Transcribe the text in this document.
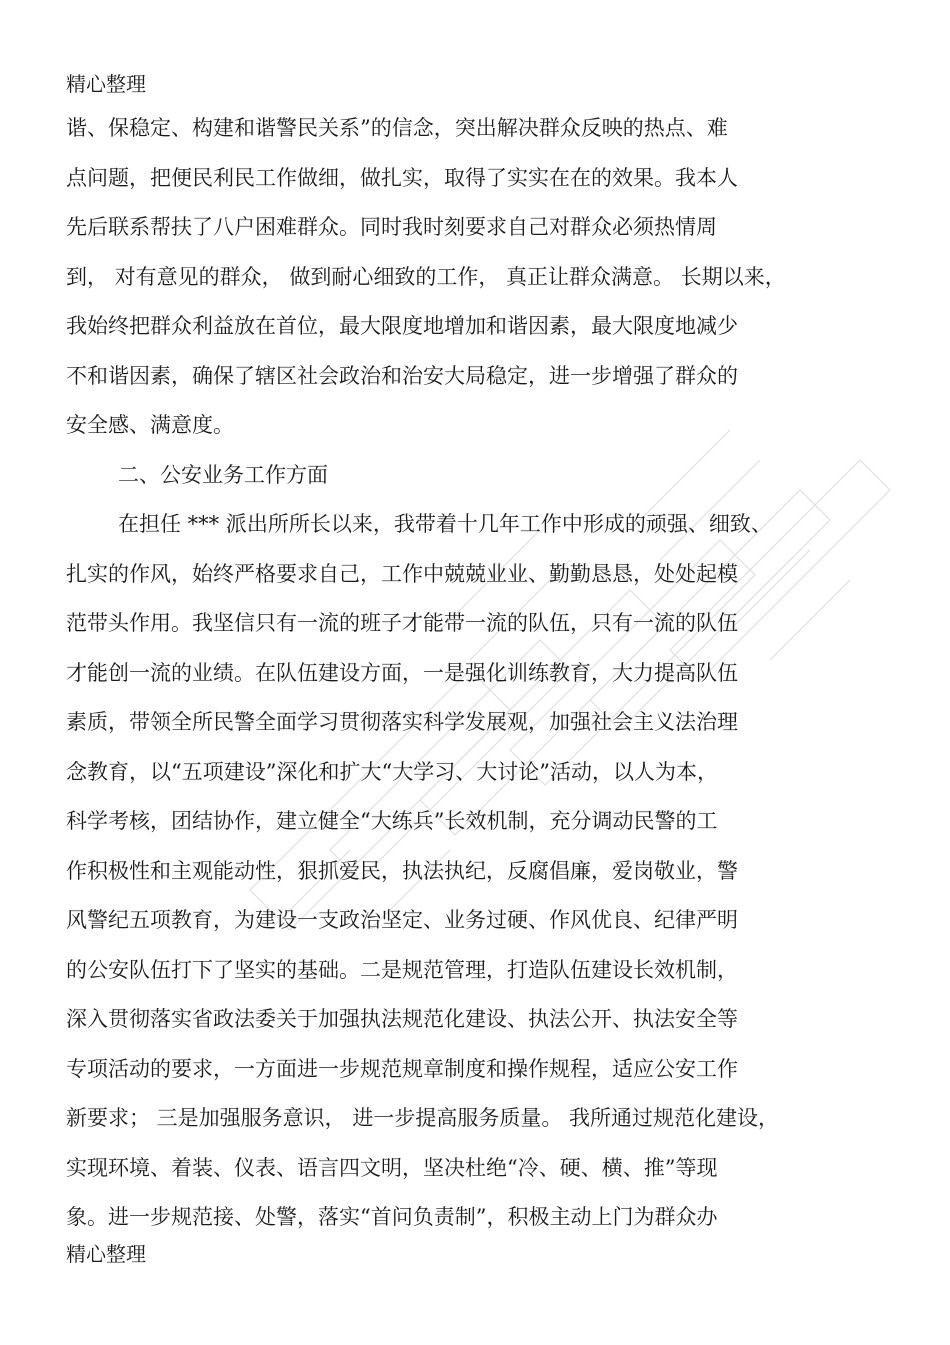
精心整理
谐、保稳定、构建和谐警民关系”的信念，突出解决群众反映的热点、难
点问题，把便民利民工作做细，做扎实，取得了实实在在的效果。我本人
先后联系帮扶了八户困难群众。同时我时刻要求自己对群众必须热情周
到， 对有意见的群众， 做到耐心细致的工作， 真正让群众满意。 长期以来，
我始终把群众利益放在首位，最大限度地增加和谐因素，最大限度地减少
不和谐因素，确保了辖区社会政治和治安大局稳定，进一步增强了群众的
安全感、满意度。
二、公安业务工作方面
在担任 *** 派出所所长以来，我带着十几年工作中形成的顽强、细致、
扎实的作风，始终严格要求自己，工作中兢兢业业、勤勤恳恳，处处起模
范带头作用。我坚信只有一流的班子才能带一流的队伍，只有一流的队伍
才能创一流的业绩。在队伍建设方面，一是强化训练教育，大力提高队伍
素质，带领全所民警全面学习贯彻落实科学发展观，加强社会主义法治理
念教育，以“五项建设”深化和扩大“大学习、大讨论”活动，以人为本，
科学考核，团结协作，建立健全“大练兵”长效机制，充分调动民警的工
作积极性和主观能动性，狠抓爱民，执法执纪，反腐倡廉，爱岗敬业，警
风警纪五项教育，为建设一支政治坚定、业务过硬、作风优良、纪律严明
的公安队伍打下了坚实的基础。二是规范管理，打造队伍建设长效机制，
深入贯彻落实省政法委关于加强执法规范化建设、执法公开、执法安全等
专项活动的要求，一方面进一步规范规章制度和操作规程，适应公安工作
新要求； 三是加强服务意识， 进一步提高服务质量。 我所通过规范化建设，
实现环境、着装、仪表、语言四文明，坚决杜绝“冷、硬、横、推”等现
象。进一步规范接、处警，落实“首问负责制”，积极主动上门为群众办
精心整理
